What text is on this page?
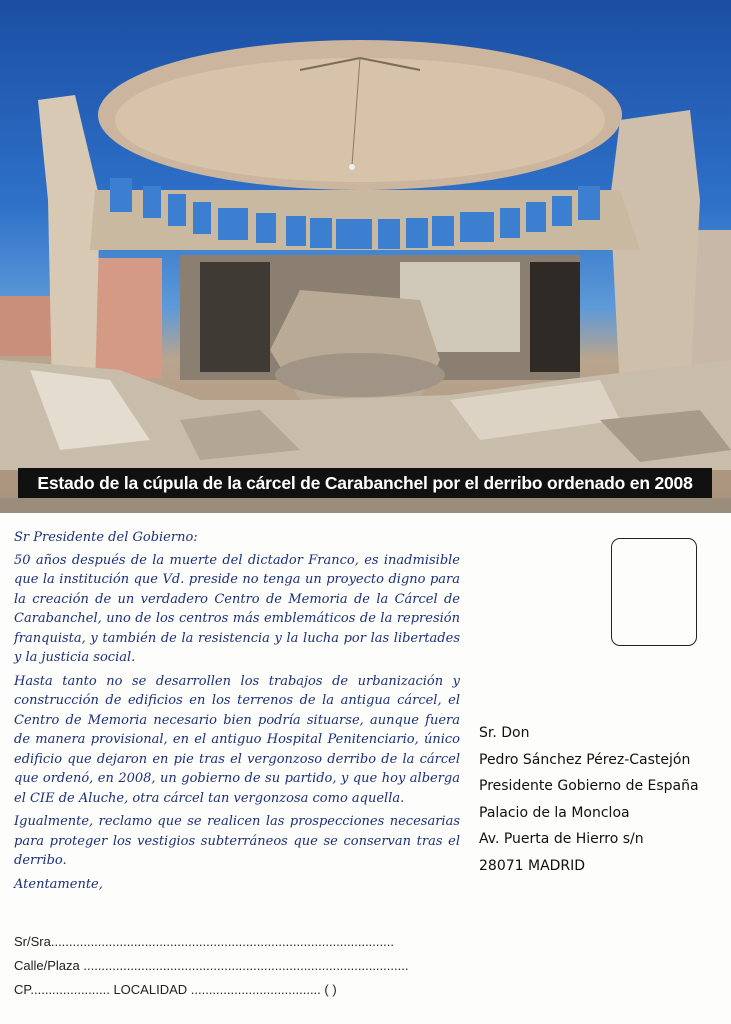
Estado de la cúpula de la cárcel de Carabanchel por el derribo ordenado en 2008

Sr Presidente del Gobierno:

50 años después de la muerte del dictador Franco, es inadmisible que la institución que Vd. preside no tenga un proyecto digno para la creación de un verdadero Centro de Memoria de la Cárcel de Carabanchel, uno de los centros más emblemáticos de la represión franquista, y también de la resistencia y la lucha por las libertades y la justicia social.

Hasta tanto no se desarrollen los trabajos de urbanización y construcción de edificios en los terrenos de la antigua cárcel, el Centro de Memoria necesario bien podría situarse, aunque fuera de manera provisional, en el antiguo Hospital Penitenciario, único edificio que dejaron en pie tras el vergonzoso derribo de la cárcel que ordenó, en 2008, un gobierno de su partido, y que hoy alberga el CIE de Aluche, otra cárcel tan vergonzosa como aquella.

Igualmente, reclamo que se realicen las prospecciones necesarias para proteger los vestigios subterráneos que se conservan tras el derribo.

Atentamente,

Sr. Don
Pedro Sánchez Pérez-Castejón
Presidente Gobierno de España
Palacio de la Moncloa
Av. Puerta de Hierro s/n
28071 MADRID
Sr/Sra...............................................................................................
Calle/Plaza ..........................................................................................
CP...................... LOCALIDAD .................................... ( )
